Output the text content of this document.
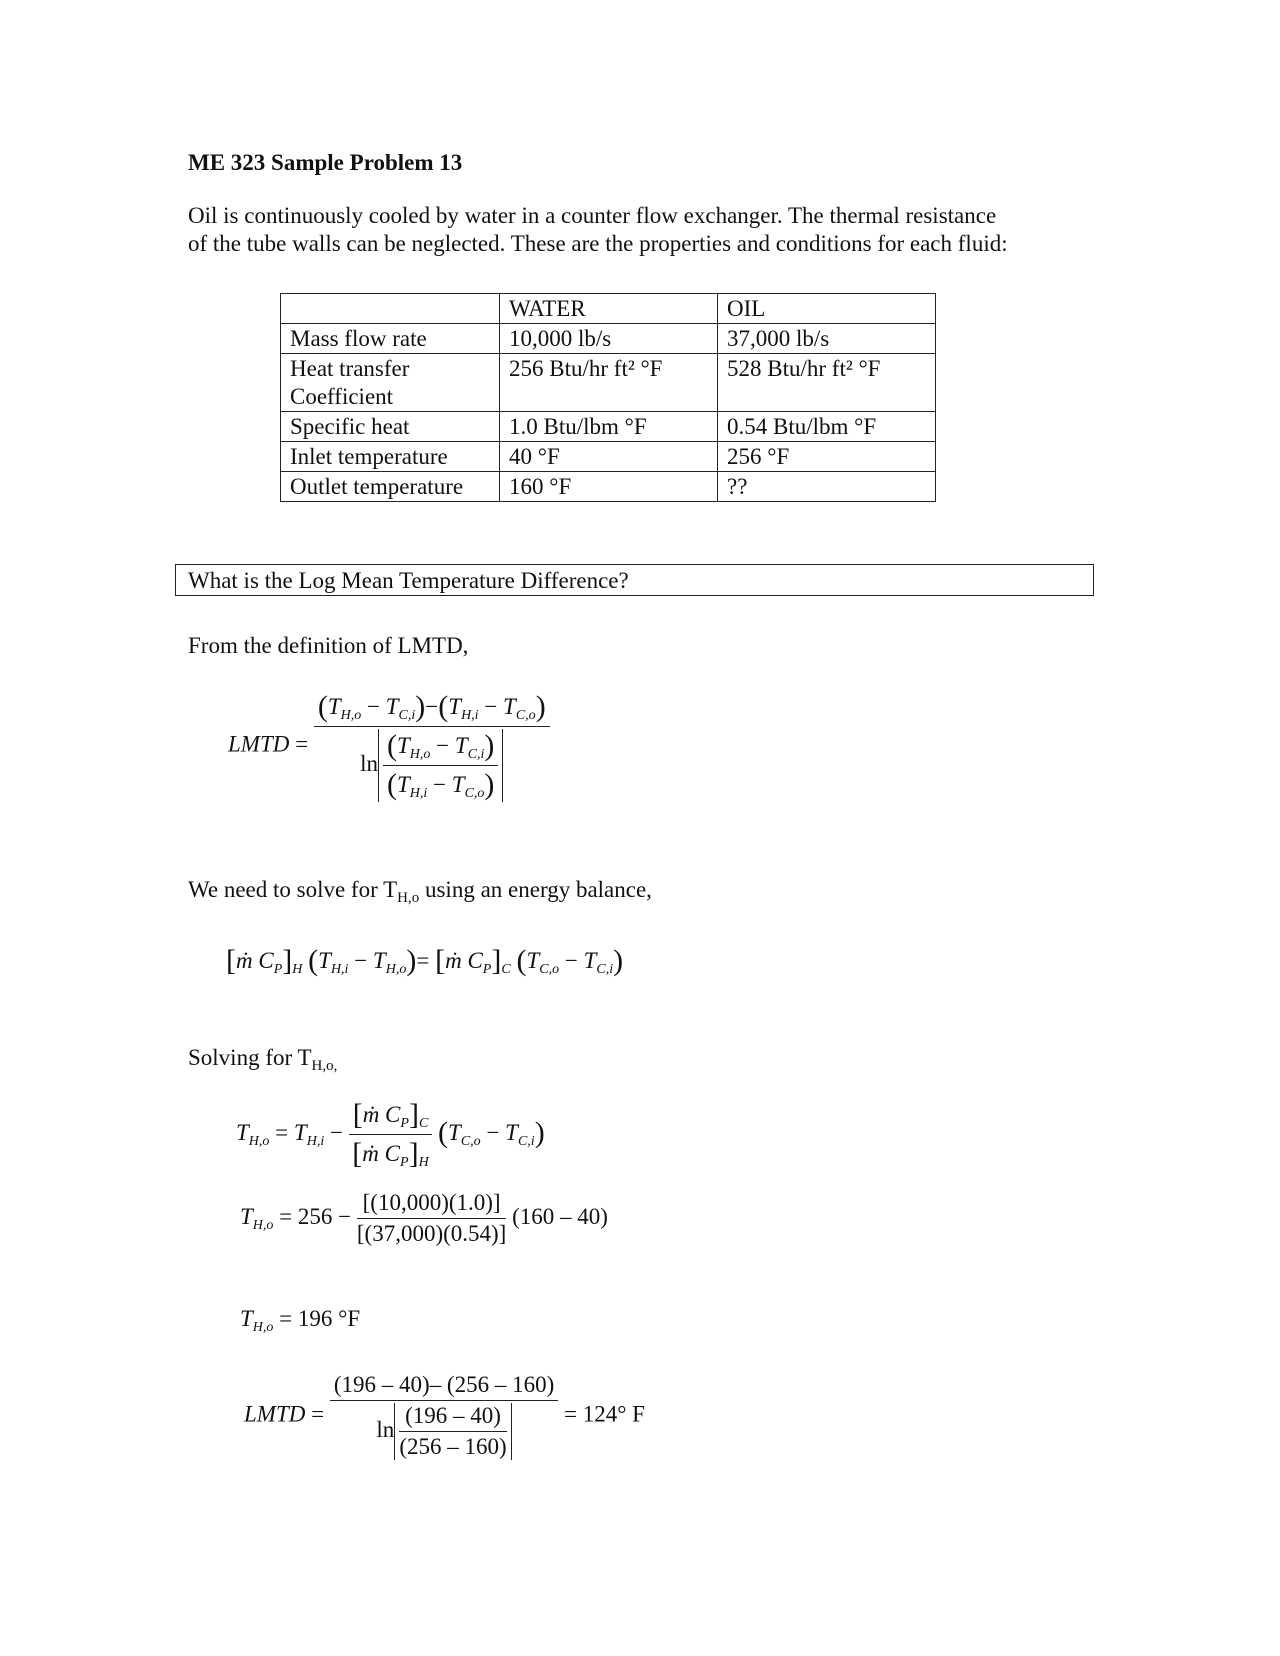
ME 323 Sample Problem 13
Oil is continuously cooled by water in a counter flow exchanger. The thermal resistance
of the tube walls can be neglected. These are the properties and conditions for each fluid:
	WATER	OIL
Mass flow rate	10,000 lb/s	37,000 lb/s
Heat transfer Coefficient	256 Btu/hr ft² °F	528 Btu/hr ft² °F
Specific heat	1.0 Btu/lbm °F	0.54 Btu/lbm °F
Inlet temperature	40 °F	256 °F
Outlet temperature	160 °F	??
What is the Log Mean Temperature Difference?
From the definition of LMTD,
LMTD = $\frac{(T_{H,o} - T_{C,i})-(T_{H,i} - T_{C,o})}{\ln \frac{(T_{H,o} - T_{C,i})}{(T_{H,i} - T_{C,o})}}$
We need to solve for $T_{H,o}$ using an energy balance,
[ṁ $C_P]_H$ $(T_{H,i} - T_{H,o})=$ [ṁ $C_P]_C$ $(T_{C,o} - T_{C,i})$
Solving for $T_{H,o,}$
$T_{H,o} = T_{H,i} - \frac{[ṁ C_P]_C}{[ṁ C_P]_H} (T_{C,o} - T_{C,i})$
$T_{H,o} = 256 - \frac{[(10,000)(1.0)]}{[(37,000)(0.54)]} (160 - 40)$
$T_{H,o} = 196$ °F
LMTD = $\frac{(196 - 40)- (256 - 160)}{\ln \frac{(196 - 40)}{(256 - 160)}} = 124^\circ$ F
